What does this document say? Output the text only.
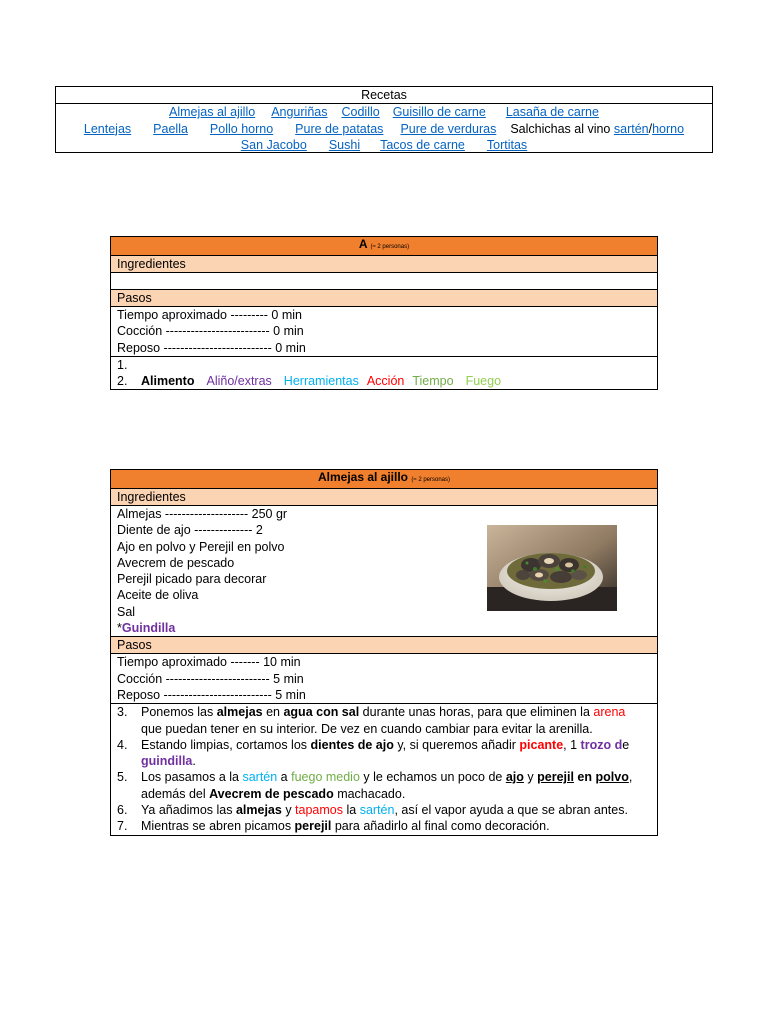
Recetas
Almejas al ajillo Anguriñas Codillo Guisillo de carne Lasaña de carne
Lentejas Paella Pollo horno Pure de patatas Pure de verduras Salchichas al vino sartén/horno
San Jacobo Sushi Tacos de carne Tortitas
A (≈ 2 personas)
Ingredientes

Pasos

Tiempo aproximado --------- 0 min
Cocción ------------------------- 0 min
Reposo -------------------------- 0 min

1.

2. Alimento Aliño/extras Herramientas Acción Tiempo Fuego
Almejas al ajillo (≈ 2 personas)
Ingredientes

Almejas -------------------- 250 gr
Diente de ajo -------------- 2
Ajo en polvo y Perejil en polvo
Avecrem de pescado
Perejil picado para decorar
Aceite de oliva
Sal
*Guindilla

Pasos

Tiempo aproximado ------- 10 min
Cocción ------------------------- 5 min
Reposo -------------------------- 5 min

3. Ponemos las almejas en agua con sal durante unas horas, para que eliminen la arena
que puedan tener en su interior. De vez en cuando cambiar para evitar la arenilla.
4. Estando limpias, cortamos los dientes de ajo y, si queremos añadir picante, 1 trozo de
guindilla.
5. Los pasamos a la sartén a fuego medio y le echamos un poco de ajo y perejil en polvo,
además del Avecrem de pescado machacado.
6. Ya añadimos las almejas y tapamos la sartén, así el vapor ayuda a que se abran antes.
7. Mientras se abren picamos perejil para añadirlo al final como decoración.
